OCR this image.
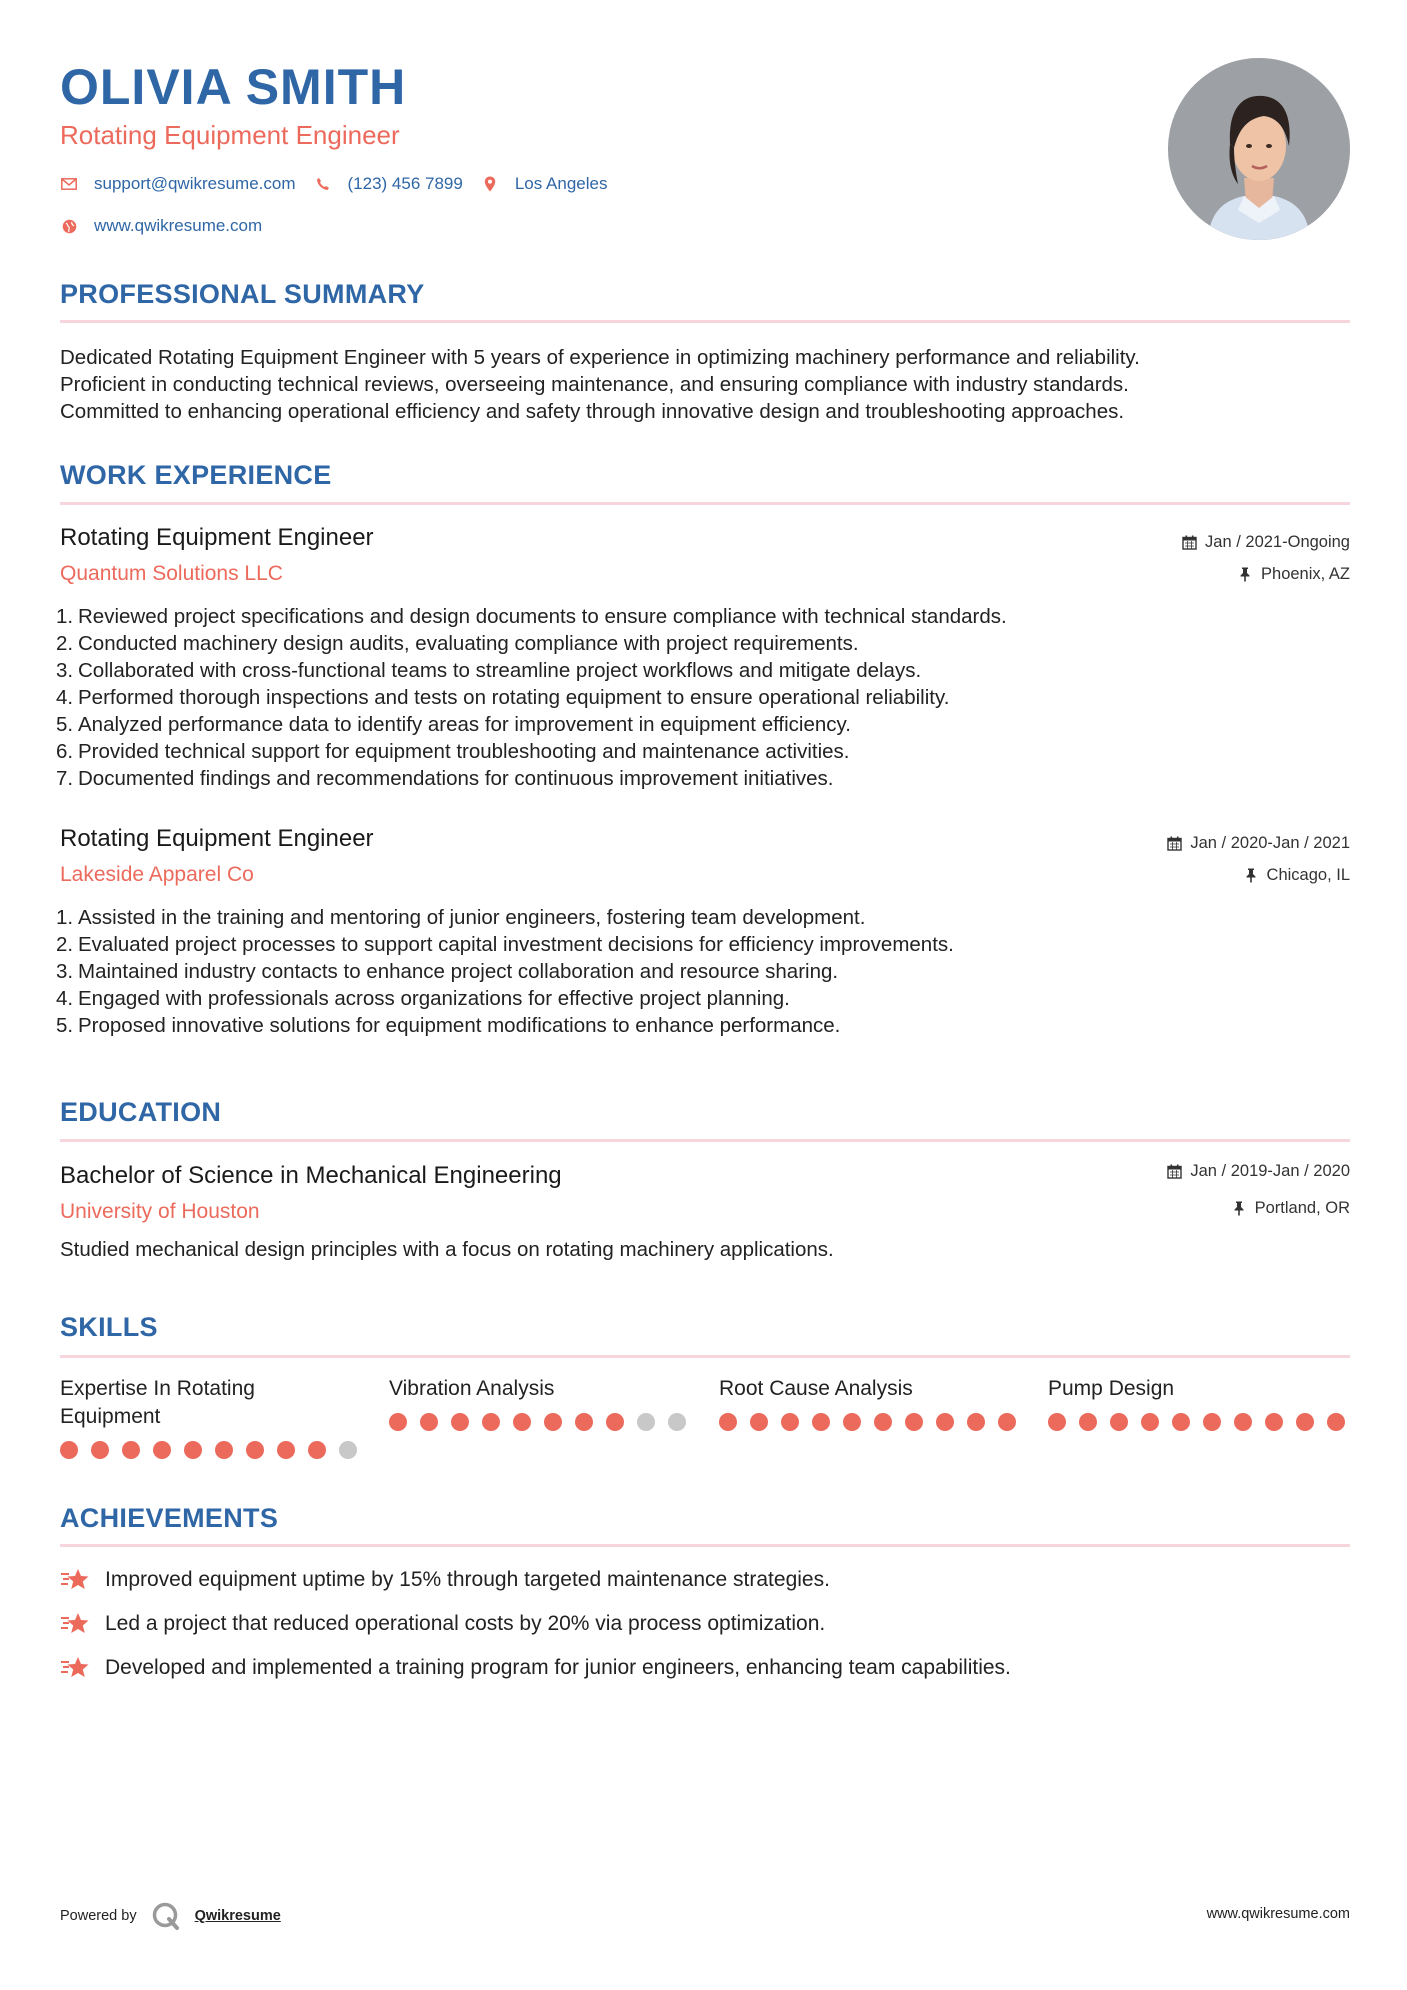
OLIVIA SMITH
Rotating Equipment Engineer
support@qwikresume.com	(123) 456 7899	Los Angeles
www.qwikresume.com
PROFESSIONAL SUMMARY
Dedicated Rotating Equipment Engineer with 5 years of experience in optimizing machinery performance and reliability.
Proficient in conducting technical reviews, overseeing maintenance, and ensuring compliance with industry standards.
Committed to enhancing operational efficiency and safety through innovative design and troubleshooting approaches.
WORK EXPERIENCE
Rotating Equipment Engineer
Quantum Solutions LLC
Jan / 2021-Ongoing
Phoenix, AZ
1. Reviewed project specifications and design documents to ensure compliance with technical standards.
2. Conducted machinery design audits, evaluating compliance with project requirements.
3. Collaborated with cross-functional teams to streamline project workflows and mitigate delays.
4. Performed thorough inspections and tests on rotating equipment to ensure operational reliability.
5. Analyzed performance data to identify areas for improvement in equipment efficiency.
6. Provided technical support for equipment troubleshooting and maintenance activities.
7. Documented findings and recommendations for continuous improvement initiatives.
Rotating Equipment Engineer
Lakeside Apparel Co
Jan / 2020-Jan / 2021
Chicago, IL
1. Assisted in the training and mentoring of junior engineers, fostering team development.
2. Evaluated project processes to support capital investment decisions for efficiency improvements.
3. Maintained industry contacts to enhance project collaboration and resource sharing.
4. Engaged with professionals across organizations for effective project planning.
5. Proposed innovative solutions for equipment modifications to enhance performance.
EDUCATION
Bachelor of Science in Mechanical Engineering
University of Houston
Jan / 2019-Jan / 2020
Portland, OR
Studied mechanical design principles with a focus on rotating machinery applications.
SKILLS
Expertise In Rotating Equipment
Vibration Analysis	Root Cause Analysis	Pump Design
ACHIEVEMENTS
Improved equipment uptime by 15% through targeted maintenance strategies.
Led a project that reduced operational costs by 20% via process optimization.
Developed and implemented a training program for junior engineers, enhancing team capabilities.
Powered by	Qwikresume	www.qwikresume.com
